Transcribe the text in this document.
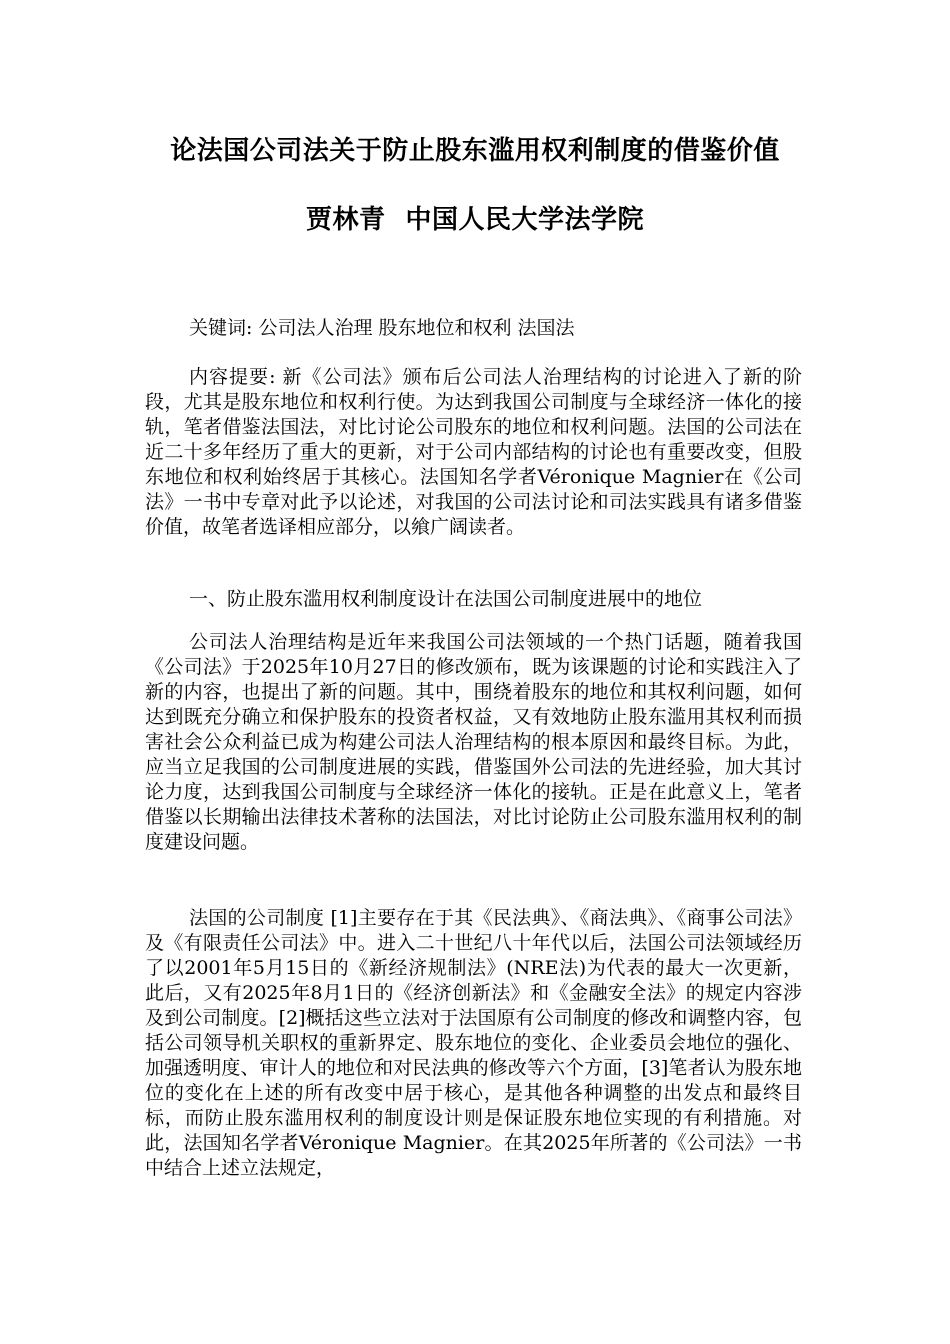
论法国公司法关于防止股东滥用权利制度的借鉴价值
贾林青 中国人民大学法学院
关键词: 公司法人治理 股东地位和权利 法国法
内容提要: 新《公司法》颁布后公司法人治理结构的讨论进入了新的阶段，尤其是股东地位和权利行使。为达到我国公司制度与全球经济一体化的接轨，笔者借鉴法国法，对比讨论公司股东的地位和权利问题。法国的公司法在近二十多年经历了重大的更新，对于公司内部结构的讨论也有重要改变，但股东地位和权利始终居于其核心。法国知名学者Véronique Magnier在《公司法》一书中专章对此予以论述，对我国的公司法讨论和司法实践具有诸多借鉴价值，故笔者选译相应部分，以飨广阔读者。
一、防止股东滥用权利制度设计在法国公司制度进展中的地位
公司法人治理结构是近年来我国公司法领域的一个热门话题，随着我国《公司法》于2025年10月27日的修改颁布，既为该课题的讨论和实践注入了新的内容，也提出了新的问题。其中，围绕着股东的地位和其权利问题，如何达到既充分确立和保护股东的投资者权益，又有效地防止股东滥用其权利而损害社会公众利益已成为构建公司法人治理结构的根本原因和最终目标。为此，应当立足我国的公司制度进展的实践，借鉴国外公司法的先进经验，加大其讨论力度，达到我国公司制度与全球经济一体化的接轨。正是在此意义上，笔者借鉴以长期输出法律技术著称的法国法，对比讨论防止公司股东滥用权利的制度建设问题。
法国的公司制度 [1]主要存在于其《民法典》、《商法典》、《商事公司法》及《有限责任公司法》中。进入二十世纪八十年代以后，法国公司法领域经历了以2001年5月15日的《新经济规制法》(NRE法)为代表的最大一次更新，此后，又有2025年8月1日的《经济创新法》和《金融安全法》的规定内容涉及到公司制度。[2]概括这些立法对于法国原有公司制度的修改和调整内容，包括公司领导机关职权的重新界定、股东地位的变化、企业委员会地位的强化、加强透明度、审计人的地位和对民法典的修改等六个方面，[3]笔者认为股东地位的变化在上述的所有改变中居于核心，是其他各种调整的出发点和最终目标，而防止股东滥用权利的制度设计则是保证股东地位实现的有利措施。对此，法国知名学者Véronique Magnier。在其2025年所著的《公司法》一书中结合上述立法规定，
